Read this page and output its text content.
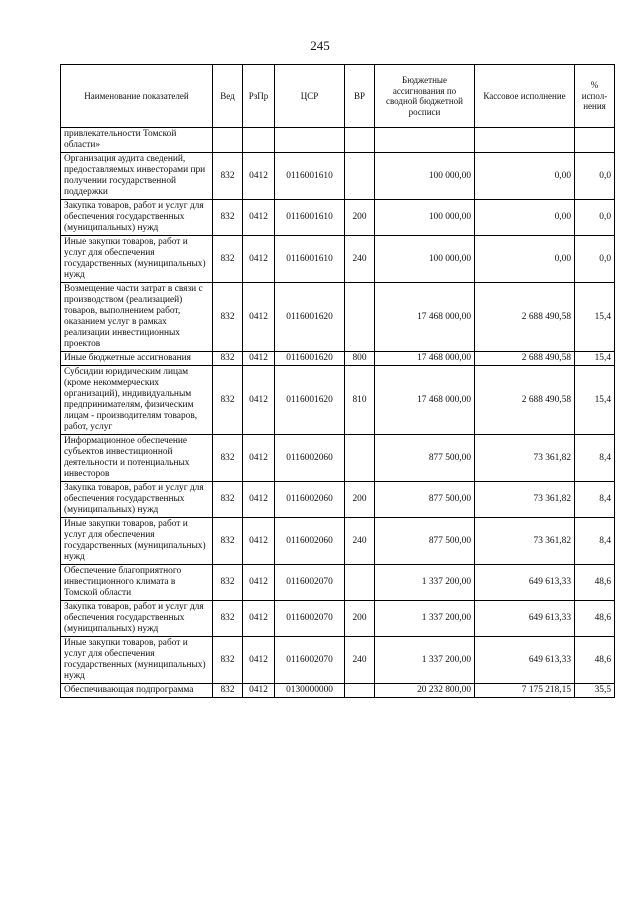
245
Наименование показателей	Вед	РзПр	ЦСР	ВР	Бюджетные ассигнования по сводной бюджетной росписи	Кассовое исполнение	% испол-нения
привлекательности Томской области»							
Организация аудита сведений, предоставляемых инвесторами при получении государственной поддержки	832	0412	0116001610		100 000,00	0,00	0,0
Закупка товаров, работ и услуг для обеспечения государственных (муниципальных) нужд	832	0412	0116001610	200	100 000,00	0,00	0,0
Иные закупки товаров, работ и услуг для обеспечения государственных (муниципальных) нужд	832	0412	0116001610	240	100 000,00	0,00	0,0
Возмещение части затрат в связи с производством (реализацией) товаров, выполнением работ, оказанием услуг в рамках реализации инвестиционных проектов	832	0412	0116001620		17 468 000,00	2 688 490,58	15,4
Иные бюджетные ассигнования	832	0412	0116001620	800	17 468 000,00	2 688 490,58	15,4
Субсидии юридическим лицам (кроме некоммерческих организаций), индивидуальным предпринимателям, физическим лицам - производителям товаров, работ, услуг	832	0412	0116001620	810	17 468 000,00	2 688 490,58	15,4
Информационное обеспечение субъектов инвестиционной деятельности и потенциальных инвесторов	832	0412	0116002060		877 500,00	73 361,82	8,4
Закупка товаров, работ и услуг для обеспечения государственных (муниципальных) нужд	832	0412	0116002060	200	877 500,00	73 361,82	8,4
Иные закупки товаров, работ и услуг для обеспечения государственных (муниципальных) нужд	832	0412	0116002060	240	877 500,00	73 361,82	8,4
Обеспечение благоприятного инвестиционного климата в Томской области	832	0412	0116002070		1 337 200,00	649 613,33	48,6
Закупка товаров, работ и услуг для обеспечения государственных (муниципальных) нужд	832	0412	0116002070	200	1 337 200,00	649 613,33	48,6
Иные закупки товаров, работ и услуг для обеспечения государственных (муниципальных) нужд	832	0412	0116002070	240	1 337 200,00	649 613,33	48,6
Обеспечивающая подпрограмма	832	0412	0130000000		20 232 800,00	7 175 218,15	35,5
